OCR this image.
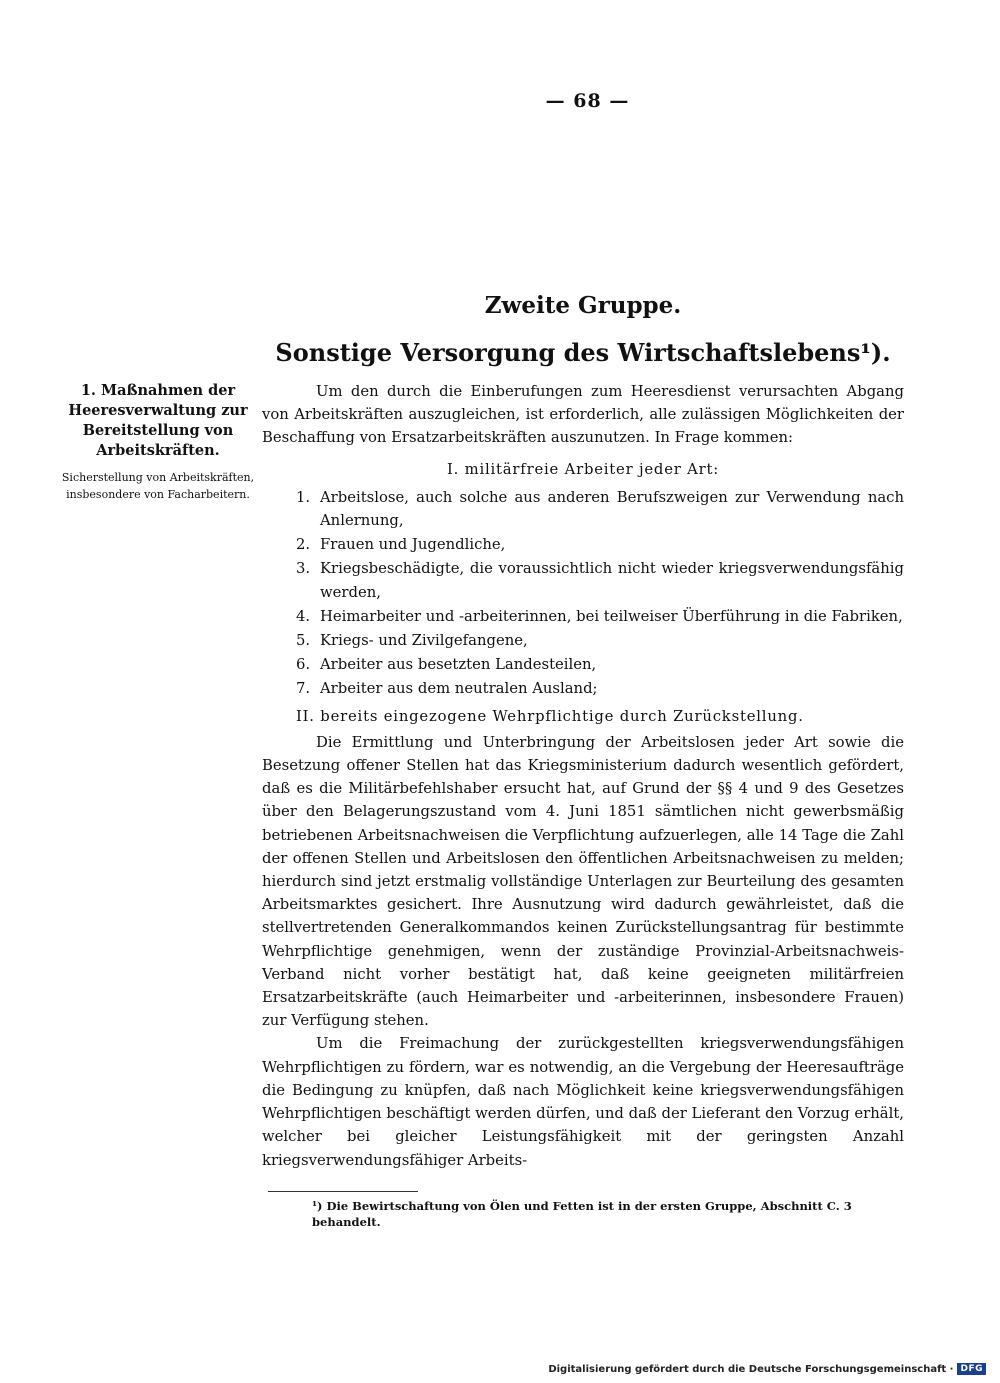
— 68 —
Zweite Gruppe.
Sonstige Versorgung des Wirtschaftslebens¹).

1. Maßnahmen der Heeresverwaltung zur Bereitstellung von Arbeitskräften.

Sicherstellung von Arbeitskräften, insbesondere von Facharbeitern.

Um den durch die Einberufungen zum Heeresdienst verursachten Abgang von Arbeitskräften auszugleichen, ist erforderlich, alle zulässigen Möglichkeiten der Beschaffung von Ersatzarbeitskräften auszunutzen. In Frage kommen:

I. militärfreie Arbeiter jeder Art:

1. Arbeitslose, auch solche aus anderen Berufszweigen zur Verwendung nach Anlernung,
2. Frauen und Jugendliche,
3. Kriegsbeschädigte, die voraussichtlich nicht wieder kriegsverwendungsfähig werden,
4. Heimarbeiter und -arbeiterinnen, bei teilweiser Überführung in die Fabriken,
5. Kriegs- und Zivilgefangene,
6. Arbeiter aus besetzten Landesteilen,
7. Arbeiter aus dem neutralen Ausland;

II. bereits eingezogene Wehrpflichtige durch Zurückstellung.

Die Ermittlung und Unterbringung der Arbeitslosen jeder Art sowie die Besetzung offener Stellen hat das Kriegsministerium dadurch wesentlich gefördert, daß es die Militärbefehlshaber ersucht hat, auf Grund der §§ 4 und 9 des Gesetzes über den Belagerungszustand vom 4. Juni 1851 sämtlichen nicht gewerbsmäßig betriebenen Arbeitsnachweisen die Verpflichtung aufzuerlegen, alle 14 Tage die Zahl der offenen Stellen und Arbeitslosen den öffentlichen Arbeitsnachweisen zu melden; hierdurch sind jetzt erstmalig vollständige Unterlagen zur Beurteilung des gesamten Arbeitsmarktes gesichert. Ihre Ausnutzung wird dadurch gewährleistet, daß die stellvertretenden Generalkommandos keinen Zurückstellungsantrag für bestimmte Wehrpflichtige genehmigen, wenn der zuständige Provinzial-Arbeitsnachweis-Verband nicht vorher bestätigt hat, daß keine geeigneten militärfreien Ersatzarbeitskräfte (auch Heimarbeiter und -arbeiterinnen, insbesondere Frauen) zur Verfügung stehen.

Um die Freimachung der zurückgestellten kriegsverwendungsfähigen Wehrpflichtigen zu fördern, war es notwendig, an die Vergebung der Heeresaufträge die Bedingung zu knüpfen, daß nach Möglichkeit keine kriegsverwendungsfähigen Wehrpflichtigen beschäftigt werden dürfen, und daß der Lieferant den Vorzug erhält, welcher bei gleicher Leistungsfähigkeit mit der geringsten Anzahl kriegsverwendungsfähiger Arbeits-

¹) Die Bewirtschaftung von Ölen und Fetten ist in der ersten Gruppe, Abschnitt C. 3 behandelt.
Digitalisierung gefördert durch die Deutsche Forschungsgemeinschaft · DFG
